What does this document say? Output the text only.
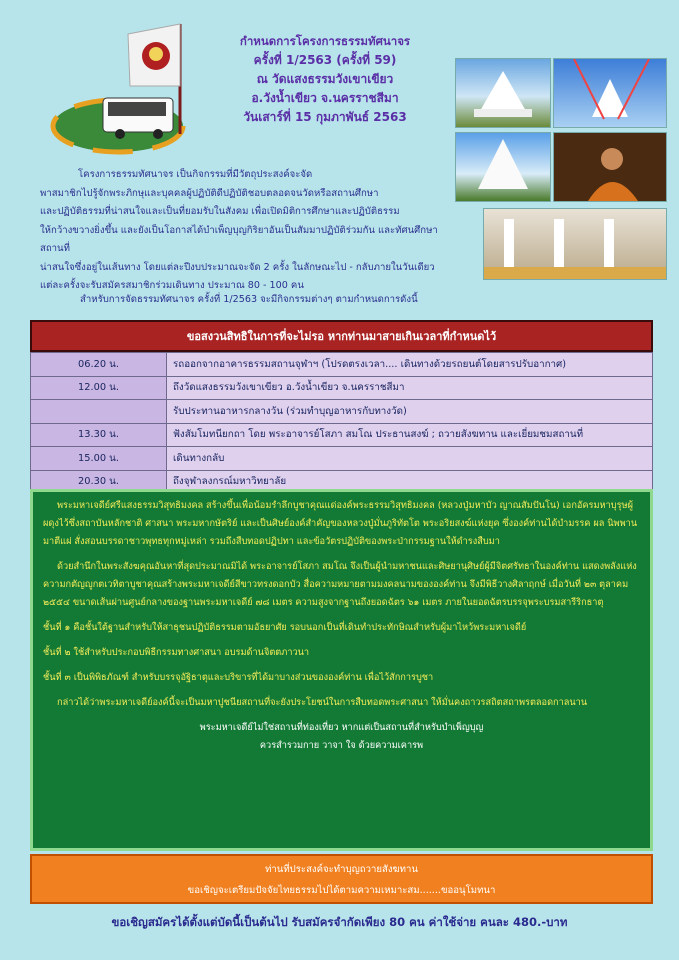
กำหนดการโครงการธรรมทัศนาจร
ครั้งที่ 1/2563 (ครั้งที่ 59)
ณ วัดแสงธรรมวังเขาเขียว
อ.วังน้ำเขียว จ.นครราชสีมา
วันเสาร์ที่ 15 กุมภาพันธ์ 2563

โครงการธรรมทัศนาจร เป็นกิจกรรมที่มีวัตถุประสงค์จะจัด

พาสมาชิกไปรู้จักพระภิกษุและบุคคลผู้ปฏิบัติดีปฏิบัติชอบตลอดจนวัดหรือสถานศึกษา

และปฏิบัติธรรมที่น่าสนใจและเป็นที่ยอมรับในสังคม เพื่อเปิดมิติการศึกษาและปฏิบัติธรรม

ให้กว้างขวางยิ่งขึ้น และยังเป็นโอกาสได้บำเพ็ญบุญกิริยาอันเป็นสัมมาปฏิบัติร่วมกัน และทัศนศึกษาสถานที่

น่าสนใจซึ่งอยู่ในเส้นทาง โดยแต่ละปีงบประมาณจะจัด 2 ครั้ง ในลักษณะไป - กลับภายในวันเดียว

แต่ละครั้งจะรับสมัครสมาชิกร่วมเดินทาง ประมาณ 80 - 100 คน

สำหรับการจัดธรรมทัศนาจร ครั้งที่ 1/2563 จะมีกิจกรรมต่างๆ ตามกำหนดการดังนี้
ขอสงวนสิทธิในการที่จะไม่รอ หากท่านมาสายเกินเวลาที่กำหนดไว้
06.20 น.	รถออกจากอาคารธรรมสถานจุฬาฯ (โปรดตรงเวลา.... เดินทางด้วยรถยนต์โดยสารปรับอากาศ)
12.00 น.	ถึงวัดแสงธรรมวังเขาเขียว อ.วังน้ำเขียว จ.นครราชสีมา
	รับประทานอาหารกลางวัน (ร่วมทำบุญอาหารกับทางวัด)
13.30 น.	ฟังสัมโมทนียกถา โดย พระอาจารย์โสภา สมโณ ประธานสงฆ์ ; ถวายสังฆทาน และเยี่ยมชมสถานที่
15.00 น.	เดินทางกลับ
20.30 น.	ถึงจุฬาลงกรณ์มหาวิทยาลัย

พระมหาเจดีย์ศรีแสงธรรมวิสุทธิมงคล สร้างขึ้นเพื่อน้อมรำลึกบูชาคุณแด่องค์พระธรรมวิสุทธิมงคล (หลวงปู่มหาบัว ญาณสัมปันโน) เอกอัครมหาบุรุษผู้ผดุงไว้ซึ่งสถาบันหลักชาติ ศาสนา พระมหากษัตริย์ และเป็นศิษย์องค์สำคัญของหลวงปู่มั่นภูริทัตโต พระอริยสงฆ์แห่งยุค ซึ่งองค์ท่านได้บำมรรค ผล นิพพาน มาตีแผ่ สั่งสอนบรรดาชาวพุทธทุกหมู่เหล่า รวมถึงสืบทอดปฏิปทา และข้อวัตรปฏิบัติของพระป่ากรรมฐานให้ดำรงสืบมา

ด้วยสำนึกในพระสังฆคุณอันหาที่สุดประมาณมิได้ พระอาจารย์โสภา สมโณ จึงเป็นผู้นำมหาชนและศิษยานุศิษย์ผู้มีจิตศรัทธาในองค์ท่าน แสดงพลังแห่งความกตัญญูกตเวทิตาบูชาคุณสร้างพระมหาเจดีย์สีขาวทรงดอกบัว สื่อความหมายตามมงคลนามขององค์ท่าน จึงมีพิธีวางศิลาฤกษ์ เมื่อวันที่ ๒๓ ตุลาคม ๒๕๕๔ ขนาดเส้นผ่านศูนย์กลางของฐานพระมหาเจดีย์ ๗๘ เมตร ความสูงจากฐานถึงยอดฉัตร ๖๑ เมตร ภายในยอดฉัตรบรรจุพระบรมสารีริกธาตุ

ชั้นที่ ๑ คือชั้นใต้ฐานสำหรับให้สาธุชนปฏิบัติธรรมตามอัธยาศัย รอบนอกเป็นที่เดินทำประทักษิณสำหรับผู้มาไหว้พระมหาเจดีย์

ชั้นที่ ๒ ใช้สำหรับประกอบพิธีกรรมทางศาสนา อบรมด้านจิตตภาวนา

ชั้นที่ ๓ เป็นพิพิธภัณฑ์ สำหรับบรรจุอัฐิธาตุและบริขารที่ได้มาบางส่วนขององค์ท่าน เพื่อไว้สักการบูชา

กล่าวได้ว่าพระมหาเจดีย์องค์นี้จะเป็นมหาปูชนียสถานที่จะยังประโยชน์ในการสืบทอดพระศาสนา ให้มั่นคงถาวรสถิตสถาพรตลอดกาลนาน

พระมหาเจดีย์ไม่ใช่สถานที่ท่องเที่ยว หากแต่เป็นสถานที่สำหรับบำเพ็ญบุญ

ควรสำรวมกาย วาจา ใจ ด้วยความเคารพ

ท่านที่ประสงค์จะทำบุญถวายสังฆทาน
ขอเชิญจะเตรียมปัจจัยไทยธรรมไปได้ตามความเหมาะสม.......ขออนุโมทนา
ขอเชิญสมัครได้ตั้งแต่บัดนี้เป็นต้นไป รับสมัครจำกัดเพียง 80 คน ค่าใช้จ่าย คนละ 480.-บาท
